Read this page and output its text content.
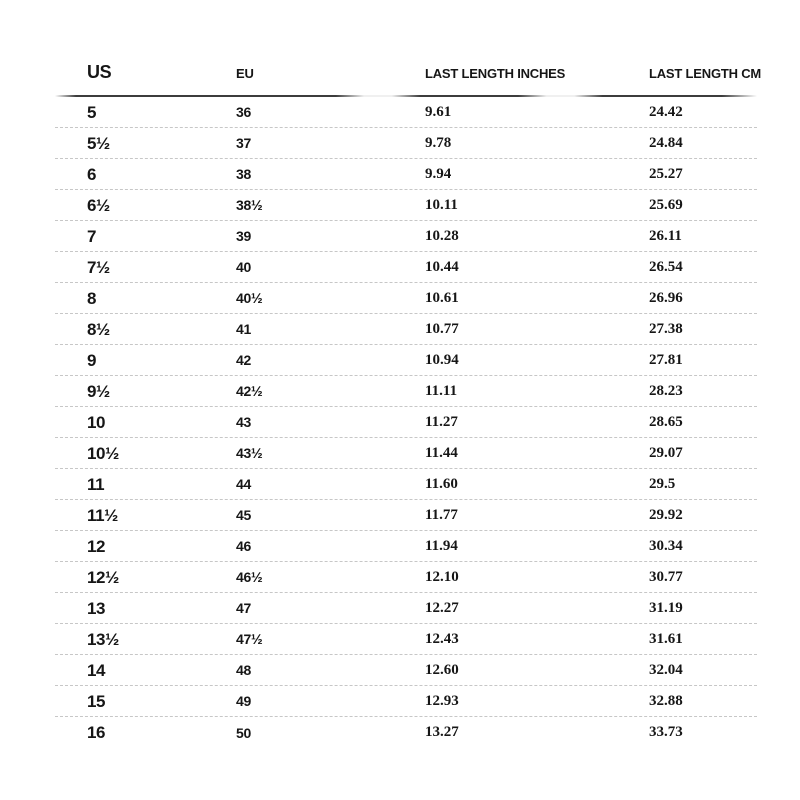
US	EU	LAST LENGTH INCHES	LAST LENGTH CM
5	36	9.61	24.42
5½	37	9.78	24.84
6	38	9.94	25.27
6½	38½	10.11	25.69
7	39	10.28	26.11
7½	40	10.44	26.54
8	40½	10.61	26.96
8½	41	10.77	27.38
9	42	10.94	27.81
9½	42½	11.11	28.23
10	43	11.27	28.65
10½	43½	11.44	29.07
11	44	11.60	29.5
11½	45	11.77	29.92
12	46	11.94	30.34
12½	46½	12.10	30.77
13	47	12.27	31.19
13½	47½	12.43	31.61
14	48	12.60	32.04
15	49	12.93	32.88
16	50	13.27	33.73
